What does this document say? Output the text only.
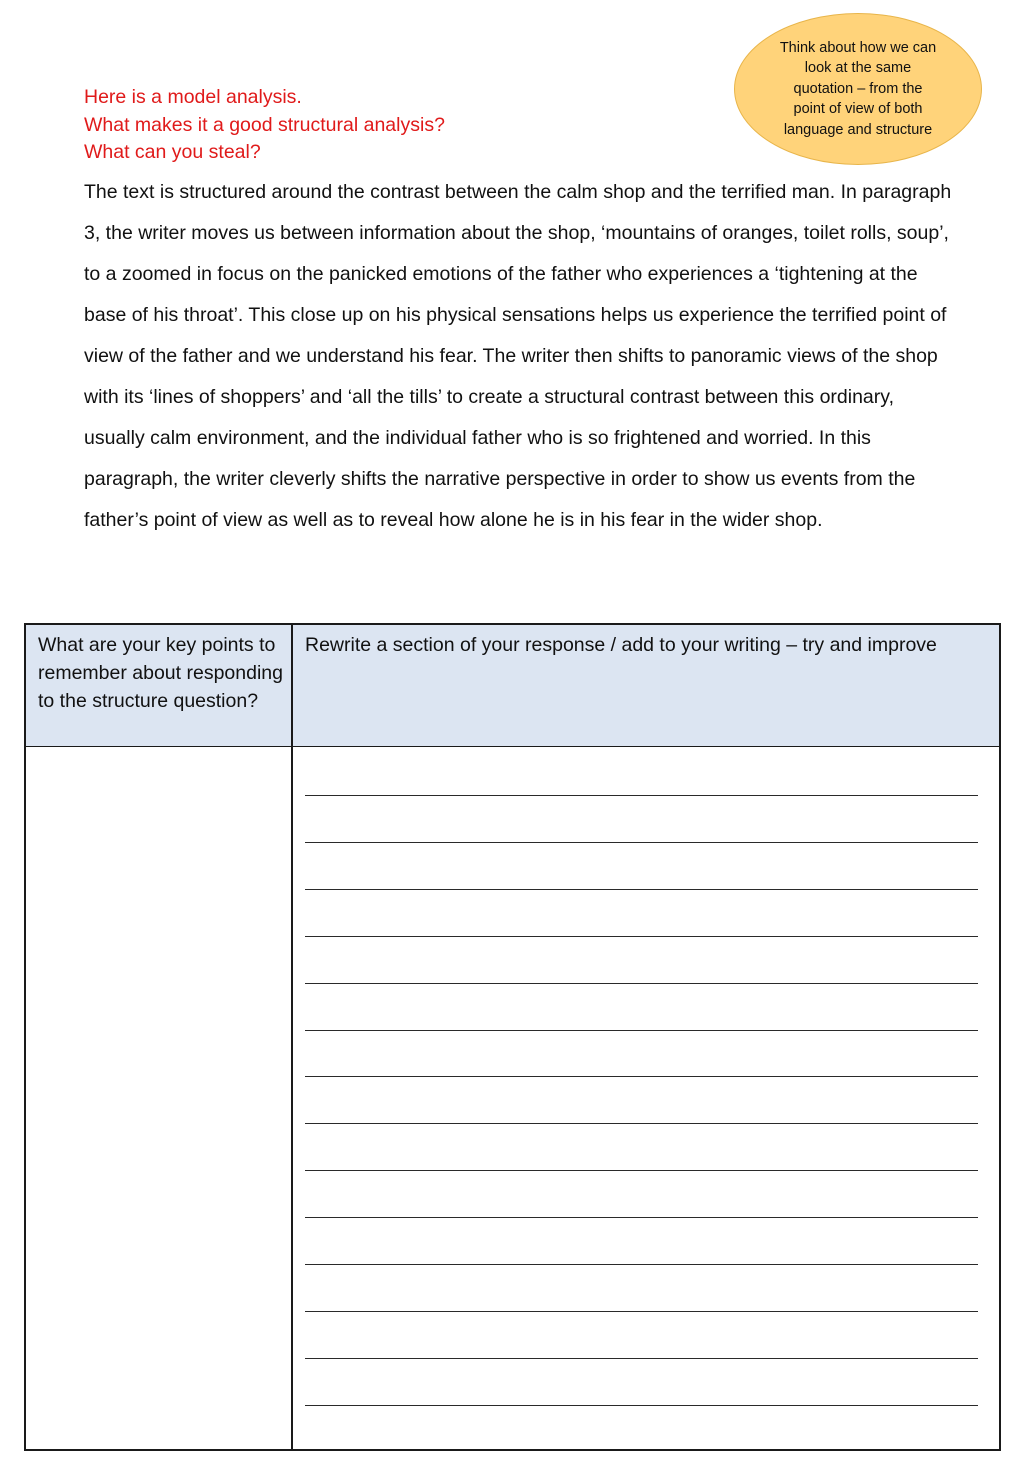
Think about how we can look at the same quotation – from the point of view of both language and structure
Here is a model analysis.
What makes it a good structural analysis?
What can you steal?

The text is structured around the contrast between the calm shop and the terrified man. In paragraph 3, the writer moves us between information about the shop, ‘mountains of oranges, toilet rolls, soup’, to a zoomed in focus on the panicked emotions of the father who experiences a ‘tightening at the base of his throat’. This close up on his physical sensations helps us experience the terrified point of view of the father and we understand his fear. The writer then shifts to panoramic views of the shop with its ‘lines of shoppers’ and ‘all the tills’ to create a structural contrast between this ordinary, usually calm environment, and the individual father who is so frightened and worried. In this paragraph, the writer cleverly shifts the narrative perspective in order to show us events from the father’s point of view as well as to reveal how alone he is in his fear in the wider shop.

What are your key points to remember about responding to the structure question?
Rewrite a section of your response / add to your writing – try and improve
